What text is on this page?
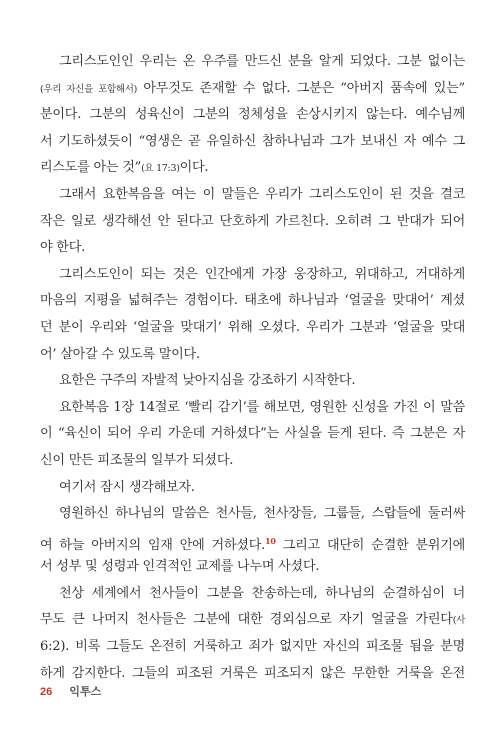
그리스도인인 우리는 온 우주를 만드신 분을 알게 되었다. 그분 없이는
(우리 자신을 포함해서) 아무것도 존재할 수 없다. 그분은 “아버지 품속에 있는”
분이다. 그분의 성육신이 그분의 정체성을 손상시키지 않는다. 예수님께
서 기도하셨듯이 “영생은 곧 유일하신 참하나님과 그가 보내신 자 예수 그
리스도를 아는 것”(요 17:3)이다.
그래서 요한복음을 여는 이 말들은 우리가 그리스도인이 된 것을 결코
작은 일로 생각해선 안 된다고 단호하게 가르친다. 오히려 그 반대가 되어
야 한다.
그리스도인이 되는 것은 인간에게 가장 웅장하고, 위대하고, 거대하게
마음의 지평을 넓혀주는 경험이다. 태초에 하나님과 ‘얼굴을 맞대어’ 계셨
던 분이 우리와 ‘얼굴을 맞대기’ 위해 오셨다. 우리가 그분과 ‘얼굴을 맞대
어’ 살아갈 수 있도록 말이다.
요한은 구주의 자발적 낮아지심을 강조하기 시작한다.
요한복음 1장 14절로 ‘빨리 감기’를 해보면, 영원한 신성을 가진 이 말씀
이 “육신이 되어 우리 가운데 거하셨다”는 사실을 듣게 된다. 즉 그분은 자
신이 만든 피조물의 일부가 되셨다.
여기서 잠시 생각해보자.
영원하신 하나님의 말씀은 천사들, 천사장들, 그룹들, 스랍들에 둘러싸
여 하늘 아버지의 임재 안에 거하셨다.$^{10}$ 그리고 대단히 순결한 분위기에
서 성부 및 성령과 인격적인 교제를 나누며 사셨다.
천상 세계에서 천사들이 그분을 찬송하는데, 하나님의 순결하심이 너
무도 큰 나머지 천사들은 그분에 대한 경외심으로 자기 얼굴을 가린다(사
6:2). 비록 그들도 온전히 거룩하고 죄가 없지만 자신의 피조물 됨을 분명
하게 감지한다. 그들의 피조된 거룩은 피조되지 않은 무한한 거룩을 온전
26 익투스
